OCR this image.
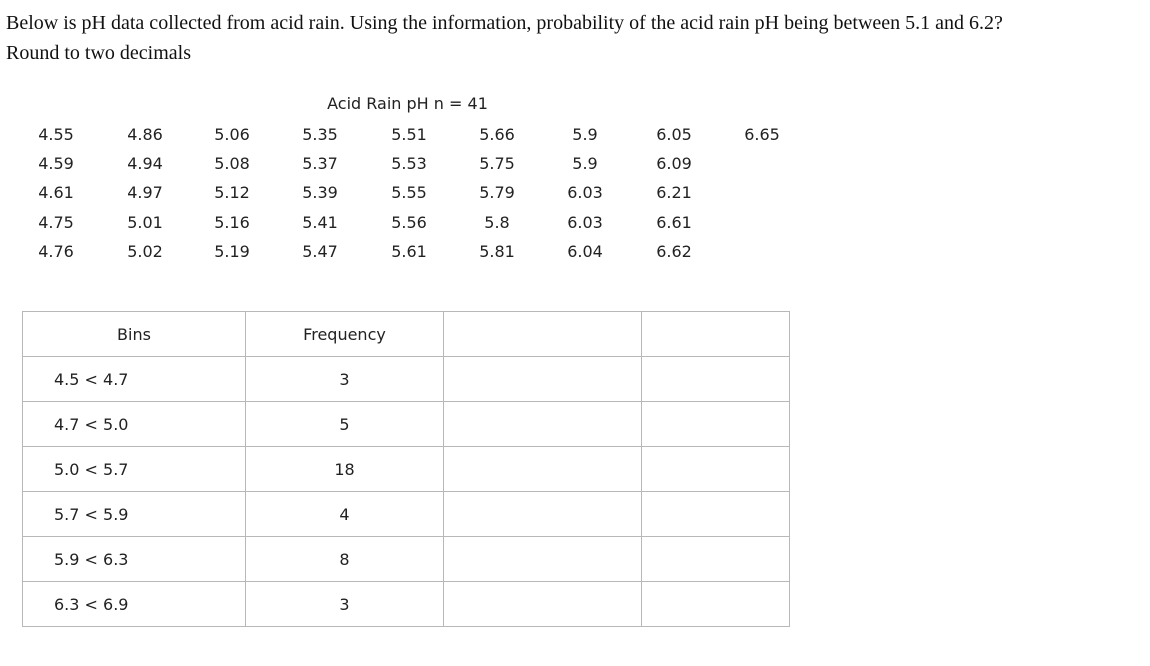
Below is pH data collected from acid rain. Using the information, probability of the acid rain pH being between 5.1 and 6.2?
Round to two decimals
Acid Rain pH n = 41
4.55	4.86	5.06	5.35	5.51	5.66	5.9	6.05	6.65
4.59	4.94	5.08	5.37	5.53	5.75	5.9	6.09
4.61	4.97	5.12	5.39	5.55	5.79	6.03	6.21
4.75	5.01	5.16	5.41	5.56	5.8	6.03	6.61
4.76	5.02	5.19	5.47	5.61	5.81	6.04	6.62
Bins	Frequency		
4.5 < 4.7	3		
4.7 < 5.0	5		
5.0 < 5.7	18		
5.7 < 5.9	4		
5.9 < 6.3	8		
6.3 < 6.9	3		
